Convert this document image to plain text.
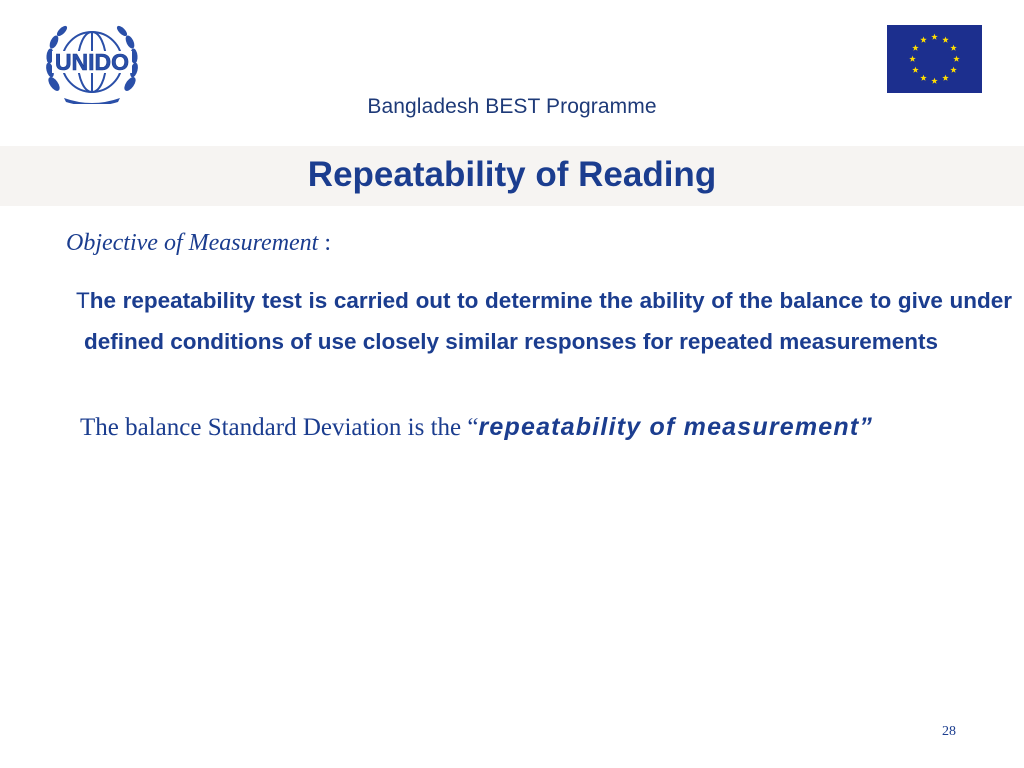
UNIDO
Bangladesh BEST Programme
Repeatability of Reading
Objective of Measurement :
The repeatability test is carried out to determine the ability of the balance to give under defined conditions of use closely similar responses for repeated measurements
The balance Standard Deviation is the “repeatability of measurement”
28
